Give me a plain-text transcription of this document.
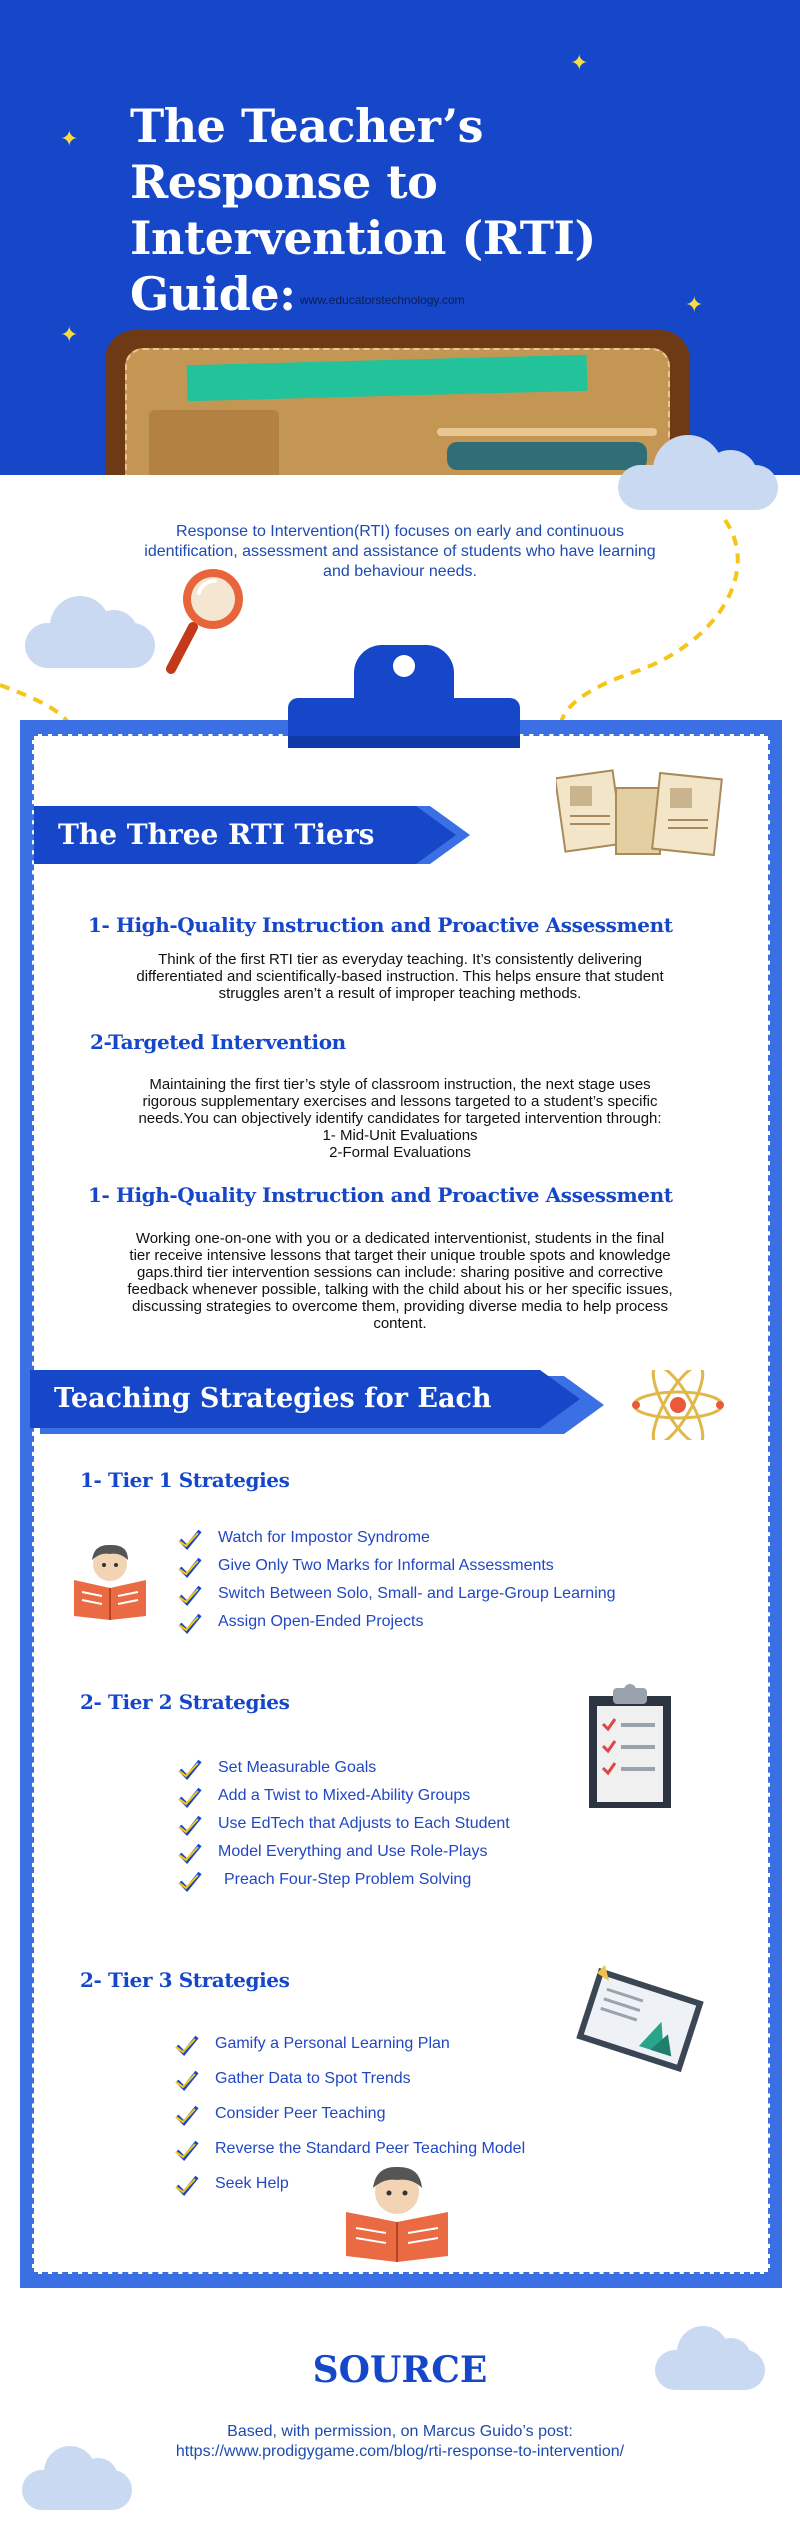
✦
✦
✦
✦
The Teacher’s Response to
Intervention (RTI) Guide: www.educatorstechnology.com
Response to Intervention(RTI) focuses on early and continuous identification, assessment and assistance of students who have learning and behaviour needs.
The Three RTI Tiers
1- High-Quality Instruction and Proactive Assessment
Think of the first RTI tier as everyday teaching. It’s consistently delivering
differentiated and scientifically-based instruction. This helps ensure that student
struggles aren’t a result of improper teaching methods.
2-Targeted Intervention
Maintaining the first tier’s style of classroom instruction, the next stage uses
rigorous supplementary exercises and lessons targeted to a student’s specific
needs.You can objectively identify candidates for targeted intervention through:
1- Mid-Unit Evaluations
2-Formal Evaluations
1- High-Quality Instruction and Proactive Assessment
Working one-on-one with you or a dedicated interventionist, students in the final
tier receive intensive lessons that target their unique trouble spots and knowledge
gaps.third tier intervention sessions can include: sharing positive and corrective
feedback whenever possible, talking with the child about his or her specific issues,
discussing strategies to overcome them, providing diverse media to help process
content.
Teaching Strategies for Each RTI Tier
1- Tier 1 Strategies
Watch for Impostor Syndrome
Give Only Two Marks for Informal Assessments
Switch Between Solo, Small- and Large-Group Learning
Assign Open-Ended Projects
2- Tier 2 Strategies
Set Measurable Goals
Add a Twist to Mixed-Ability Groups
Use EdTech that Adjusts to Each Student
Model Everything and Use Role-Plays
Preach Four-Step Problem Solving
2- Tier 3 Strategies
Gamify a Personal Learning Plan
Gather Data to Spot Trends
Consider Peer Teaching
Reverse the Standard Peer Teaching Model
Seek Help
SOURCE
Based, with permission, on Marcus Guido’s post:
https://www.prodigygame.com/blog/rti-response-to-intervention/
